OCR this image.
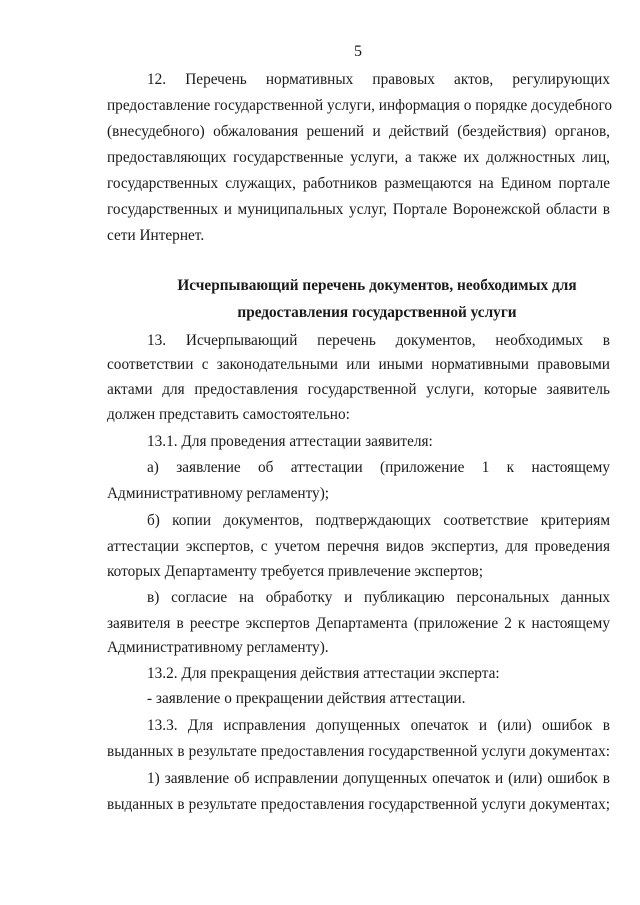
5
12. Перечень нормативных правовых актов, регулирующих
предоставление государственной услуги, информация о порядке досудебного
(внесудебного) обжалования решений и действий (бездействия) органов,
предоставляющих государственные услуги, а также их должностных лиц,
государственных служащих, работников размещаются на Едином портале
государственных и муниципальных услуг, Портале Воронежской области в
сети Интернет.
Исчерпывающий перечень документов, необходимых для
предоставления государственной услуги
13. Исчерпывающий перечень документов, необходимых в
соответствии с законодательными или иными нормативными правовыми
актами для предоставления государственной услуги, которые заявитель
должен представить самостоятельно:
13.1. Для проведения аттестации заявителя:
а) заявление об аттестации (приложение 1 к настоящему
Административному регламенту);
б) копии документов, подтверждающих соответствие критериям
аттестации экспертов, с учетом перечня видов экспертиз, для проведения
которых Департаменту требуется привлечение экспертов;
в) согласие на обработку и публикацию персональных данных
заявителя в реестре экспертов Департамента (приложение 2 к настоящему
Административному регламенту).
13.2. Для прекращения действия аттестации эксперта:
- заявление о прекращении действия аттестации.
13.3. Для исправления допущенных опечаток и (или) ошибок в
выданных в результате предоставления государственной услуги документах:
1) заявление об исправлении допущенных опечаток и (или) ошибок в
выданных в результате предоставления государственной услуги документах;
